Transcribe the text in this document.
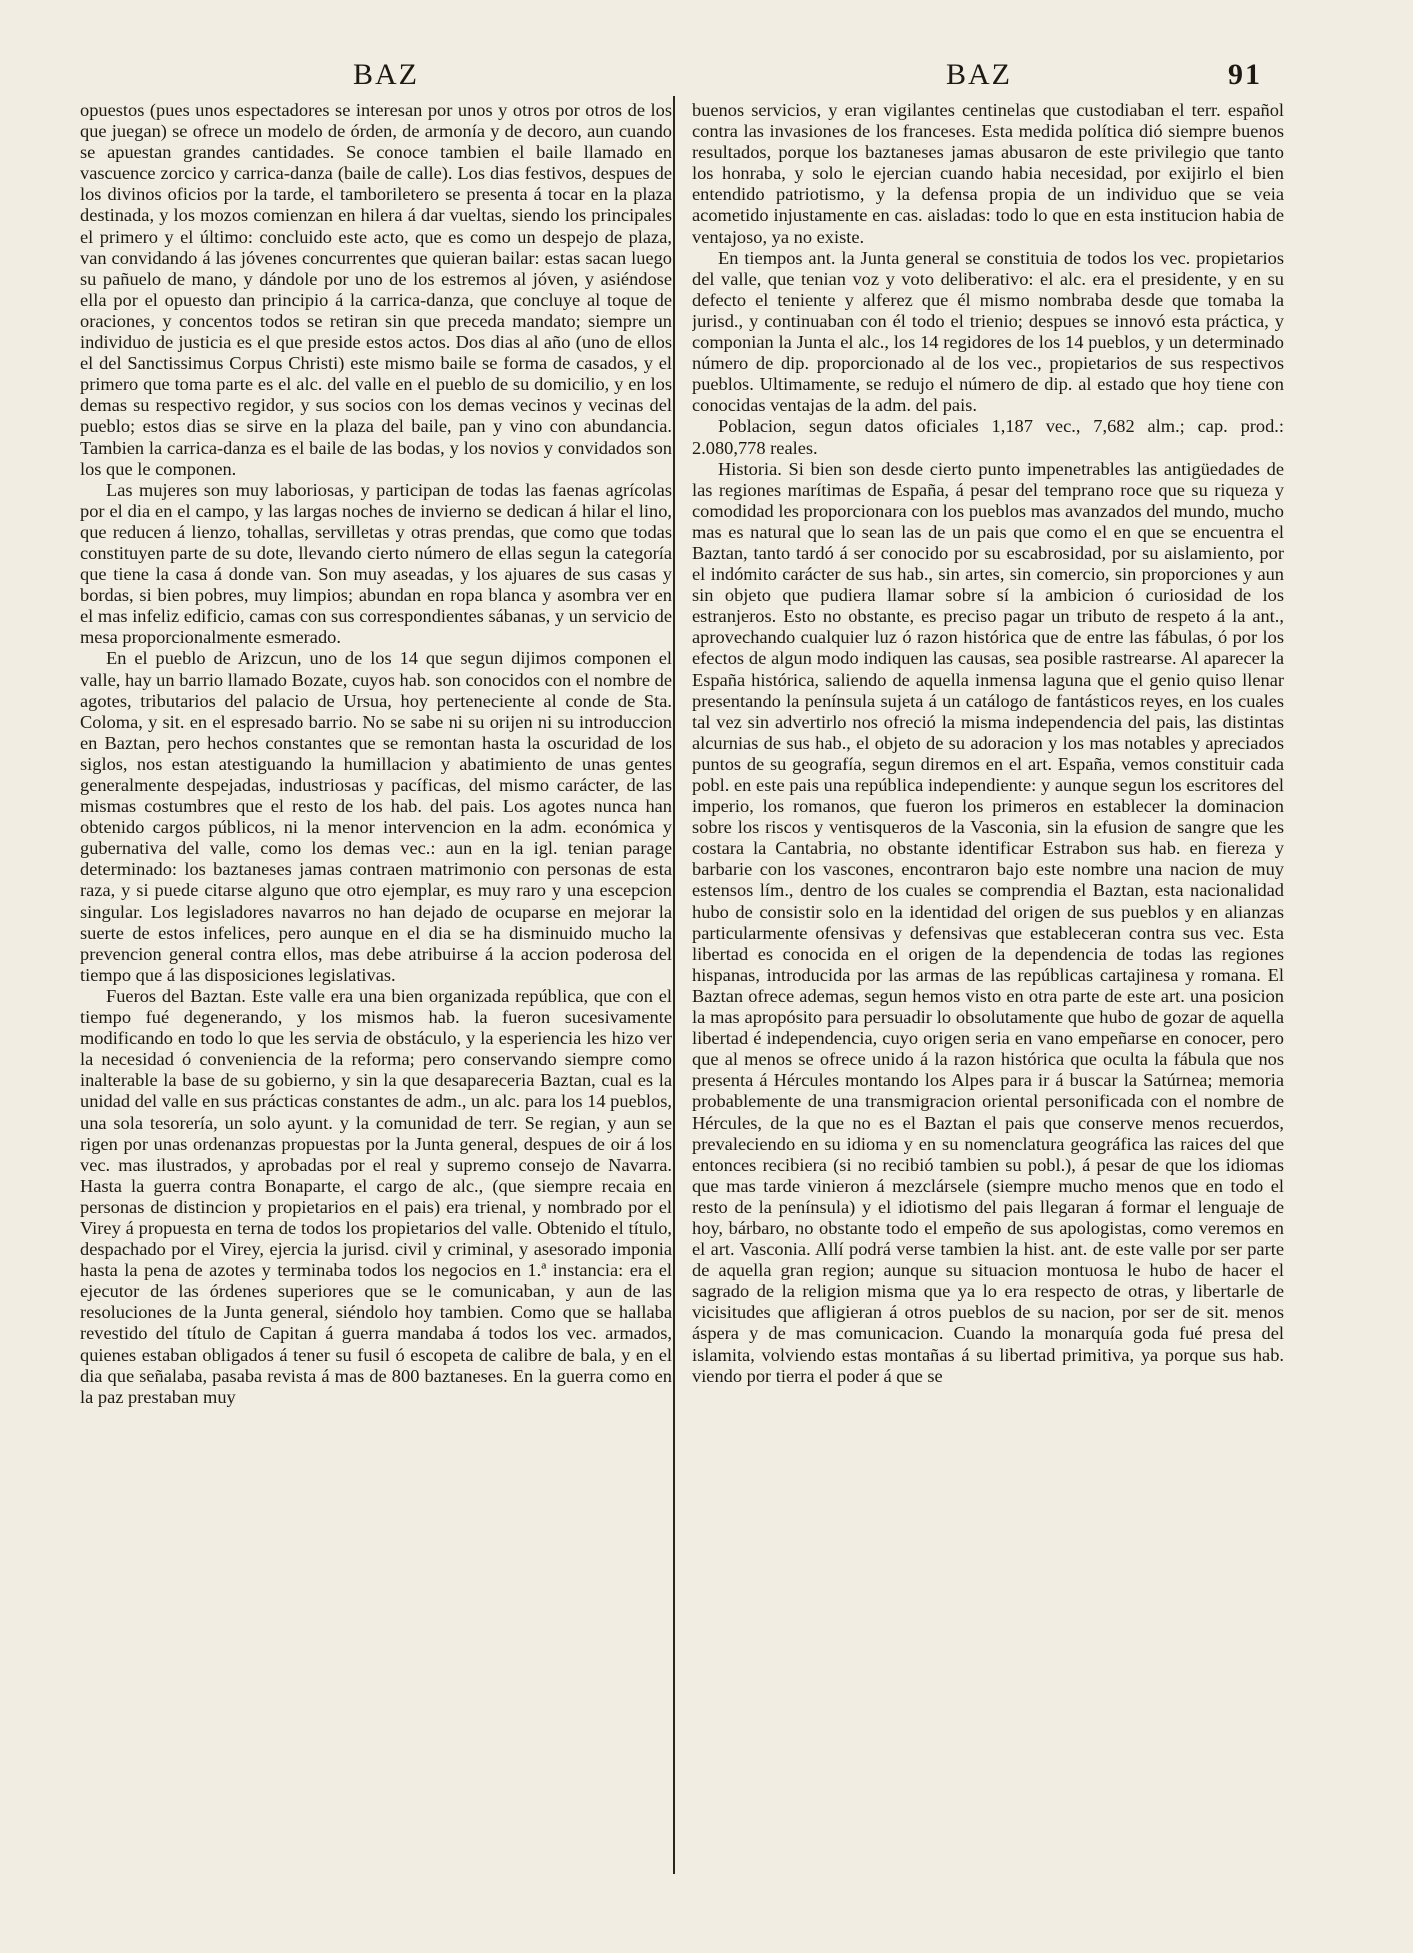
BAZ	BAZ	91

opuestos (pues unos espectadores se interesan por unos y otros por otros de los que juegan) se ofrece un modelo de órden, de armonía y de decoro, aun cuando se apuestan grandes cantidades. Se conoce tambien el baile llamado en vascuence zorcico y carrica-danza (baile de calle). Los dias festivos, despues de los divinos oficios por la tarde, el tamboriletero se presenta á tocar en la plaza destinada, y los mozos comienzan en hilera á dar vueltas, siendo los principales el primero y el último: concluido este acto, que es como un despejo de plaza, van convidando á las jóvenes concurrentes que quieran bailar: estas sacan luego su pañuelo de mano, y dándole por uno de los estremos al jóven, y asiéndose ella por el opuesto dan principio á la carrica-danza, que concluye al toque de oraciones, y concentos todos se retiran sin que preceda mandato; siempre un individuo de justicia es el que preside estos actos. Dos dias al año (uno de ellos el del Sanctissimus Corpus Christi) este mismo baile se forma de casados, y el primero que toma parte es el alc. del valle en el pueblo de su domicilio, y en los demas su respectivo regidor, y sus socios con los demas vecinos y vecinas del pueblo; estos dias se sirve en la plaza del baile, pan y vino con abundancia. Tambien la carrica-danza es el baile de las bodas, y los novios y convidados son los que le componen.

Las mujeres son muy laboriosas, y participan de todas las faenas agrícolas por el dia en el campo, y las largas noches de invierno se dedican á hilar el lino, que reducen á lienzo, tohallas, servilletas y otras prendas, que como que todas constituyen parte de su dote, llevando cierto número de ellas segun la categoría que tiene la casa á donde van. Son muy aseadas, y los ajuares de sus casas y bordas, si bien pobres, muy limpios; abundan en ropa blanca y asombra ver en el mas infeliz edificio, camas con sus correspondientes sábanas, y un servicio de mesa proporcionalmente esmerado.

En el pueblo de Arizcun, uno de los 14 que segun dijimos componen el valle, hay un barrio llamado Bozate, cuyos hab. son conocidos con el nombre de agotes, tributarios del palacio de Ursua, hoy perteneciente al conde de Sta. Coloma, y sit. en el espresado barrio. No se sabe ni su orijen ni su introduccion en Baztan, pero hechos constantes que se remontan hasta la oscuridad de los siglos, nos estan atestiguando la humillacion y abatimiento de unas gentes generalmente despejadas, industriosas y pacíficas, del mismo carácter, de las mismas costumbres que el resto de los hab. del pais. Los agotes nunca han obtenido cargos públicos, ni la menor intervencion en la adm. económica y gubernativa del valle, como los demas vec.: aun en la igl. tenian parage determinado: los baztaneses jamas contraen matrimonio con personas de esta raza, y si puede citarse alguno que otro ejemplar, es muy raro y una escepcion singular. Los legisladores navarros no han dejado de ocuparse en mejorar la suerte de estos infelices, pero aunque en el dia se ha disminuido mucho la prevencion general contra ellos, mas debe atribuirse á la accion poderosa del tiempo que á las disposiciones legislativas.

Fueros del Baztan. Este valle era una bien organizada república, que con el tiempo fué degenerando, y los mismos hab. la fueron sucesivamente modificando en todo lo que les servia de obstáculo, y la esperiencia les hizo ver la necesidad ó conveniencia de la reforma; pero conservando siempre como inalterable la base de su gobierno, y sin la que desapareceria Baztan, cual es la unidad del valle en sus prácticas constantes de adm., un alc. para los 14 pueblos, una sola tesorería, un solo ayunt. y la comunidad de terr. Se regian, y aun se rigen por unas ordenanzas propuestas por la Junta general, despues de oir á los vec. mas ilustrados, y aprobadas por el real y supremo consejo de Navarra. Hasta la guerra contra Bonaparte, el cargo de alc., (que siempre recaia en personas de distincion y propietarios en el pais) era trienal, y nombrado por el Virey á propuesta en terna de todos los propietarios del valle. Obtenido el título, despachado por el Virey, ejercia la jurisd. civil y criminal, y asesorado imponia hasta la pena de azotes y terminaba todos los negocios en 1.ª instancia: era el ejecutor de las órdenes superiores que se le comunicaban, y aun de las resoluciones de la Junta general, siéndolo hoy tambien. Como que se hallaba revestido del título de Capitan á guerra mandaba á todos los vec. armados, quienes estaban obligados á tener su fusil ó escopeta de calibre de bala, y en el dia que señalaba, pasaba revista á mas de 800 baztaneses. En la guerra como en la paz prestaban muy

buenos servicios, y eran vigilantes centinelas que custodiaban el terr. español contra las invasiones de los franceses. Esta medida política dió siempre buenos resultados, porque los baztaneses jamas abusaron de este privilegio que tanto los honraba, y solo le ejercian cuando habia necesidad, por exijirlo el bien entendido patriotismo, y la defensa propia de un individuo que se veia acometido injustamente en cas. aisladas: todo lo que en esta institucion habia de ventajoso, ya no existe.

En tiempos ant. la Junta general se constituia de todos los vec. propietarios del valle, que tenian voz y voto deliberativo: el alc. era el presidente, y en su defecto el teniente y alferez que él mismo nombraba desde que tomaba la jurisd., y continuaban con él todo el trienio; despues se innovó esta práctica, y componian la Junta el alc., los 14 regidores de los 14 pueblos, y un determinado número de dip. proporcionado al de los vec., propietarios de sus respectivos pueblos. Ultimamente, se redujo el número de dip. al estado que hoy tiene con conocidas ventajas de la adm. del pais.

Poblacion, segun datos oficiales 1,187 vec., 7,682 alm.; cap. prod.: 2.080,778 reales.

Historia. Si bien son desde cierto punto impenetrables las antigüedades de las regiones marítimas de España, á pesar del temprano roce que su riqueza y comodidad les proporcionara con los pueblos mas avanzados del mundo, mucho mas es natural que lo sean las de un pais que como el en que se encuentra el Baztan, tanto tardó á ser conocido por su escabrosidad, por su aislamiento, por el indómito carácter de sus hab., sin artes, sin comercio, sin proporciones y aun sin objeto que pudiera llamar sobre sí la ambicion ó curiosidad de los estranjeros. Esto no obstante, es preciso pagar un tributo de respeto á la ant., aprovechando cualquier luz ó razon histórica que de entre las fábulas, ó por los efectos de algun modo indiquen las causas, sea posible rastrearse. Al aparecer la España histórica, saliendo de aquella inmensa laguna que el genio quiso llenar presentando la península sujeta á un catálogo de fantásticos reyes, en los cuales tal vez sin advertirlo nos ofreció la misma independencia del pais, las distintas alcurnias de sus hab., el objeto de su adoracion y los mas notables y apreciados puntos de su geografía, segun diremos en el art. España, vemos constituir cada pobl. en este pais una república independiente: y aunque segun los escritores del imperio, los romanos, que fueron los primeros en establecer la dominacion sobre los riscos y ventisqueros de la Vasconia, sin la efusion de sangre que les costara la Cantabria, no obstante identificar Estrabon sus hab. en fiereza y barbarie con los vascones, encontraron bajo este nombre una nacion de muy estensos lím., dentro de los cuales se comprendia el Baztan, esta nacionalidad hubo de consistir solo en la identidad del origen de sus pueblos y en alianzas particularmente ofensivas y defensivas que estableceran contra sus vec. Esta libertad es conocida en el origen de la dependencia de todas las regiones hispanas, introducida por las armas de las repúblicas cartajinesa y romana. El Baztan ofrece ademas, segun hemos visto en otra parte de este art. una posicion la mas apropósito para persuadir lo obsolutamente que hubo de gozar de aquella libertad é independencia, cuyo origen seria en vano empeñarse en conocer, pero que al menos se ofrece unido á la razon histórica que oculta la fábula que nos presenta á Hércules montando los Alpes para ir á buscar la Satúrnea; memoria probablemente de una transmigracion oriental personificada con el nombre de Hércules, de la que no es el Baztan el pais que conserve menos recuerdos, prevaleciendo en su idioma y en su nomenclatura geográfica las raices del que entonces recibiera (si no recibió tambien su pobl.), á pesar de que los idiomas que mas tarde vinieron á mezclársele (siempre mucho menos que en todo el resto de la península) y el idiotismo del pais llegaran á formar el lenguaje de hoy, bárbaro, no obstante todo el empeño de sus apologistas, como veremos en el art. Vasconia. Allí podrá verse tambien la hist. ant. de este valle por ser parte de aquella gran region; aunque su situacion montuosa le hubo de hacer el sagrado de la religion misma que ya lo era respecto de otras, y libertarle de vicisitudes que afligieran á otros pueblos de su nacion, por ser de sit. menos áspera y de mas comunicacion. Cuando la monarquía goda fué presa del islamita, volviendo estas montañas á su libertad primitiva, ya porque sus hab. viendo por tierra el poder á que se
